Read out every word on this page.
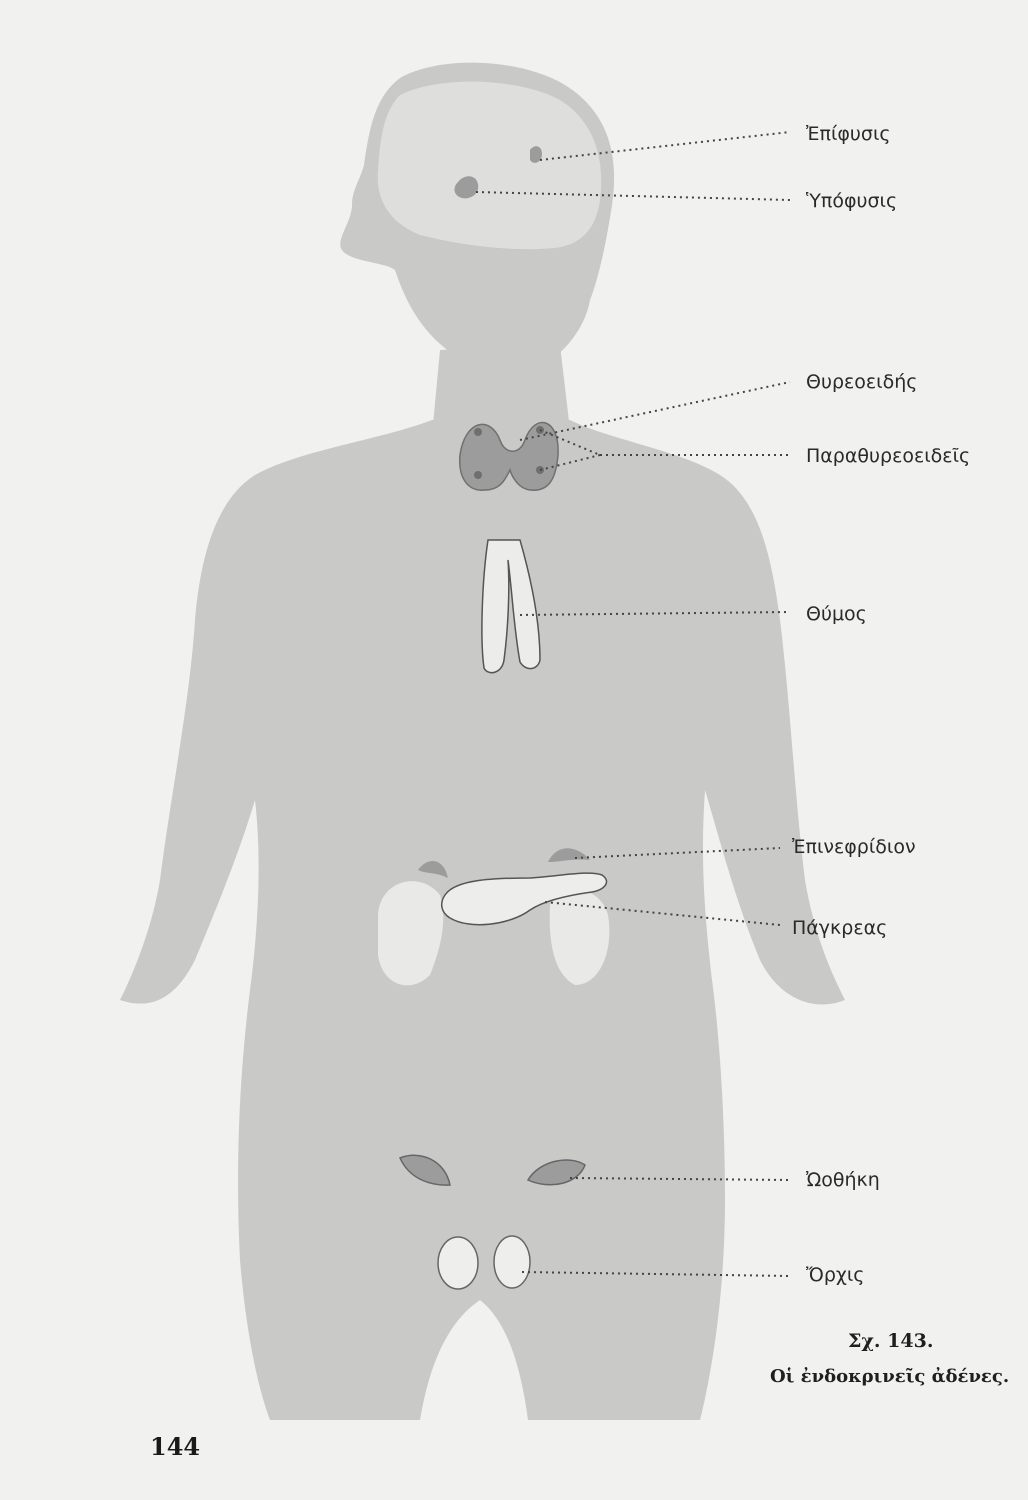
Ἐπίφυσις
Ὑπόφυσις
Θυρεοειδής
Παραθυρεοειδεῖς
Θύμος
Ἐπινεφρίδιον
Πάγκρεας
Ὠοθήκη
Ὄρχις
Σχ. 143.
Οἱ ἐνδοκρινεῖς ἀδένες.
144
